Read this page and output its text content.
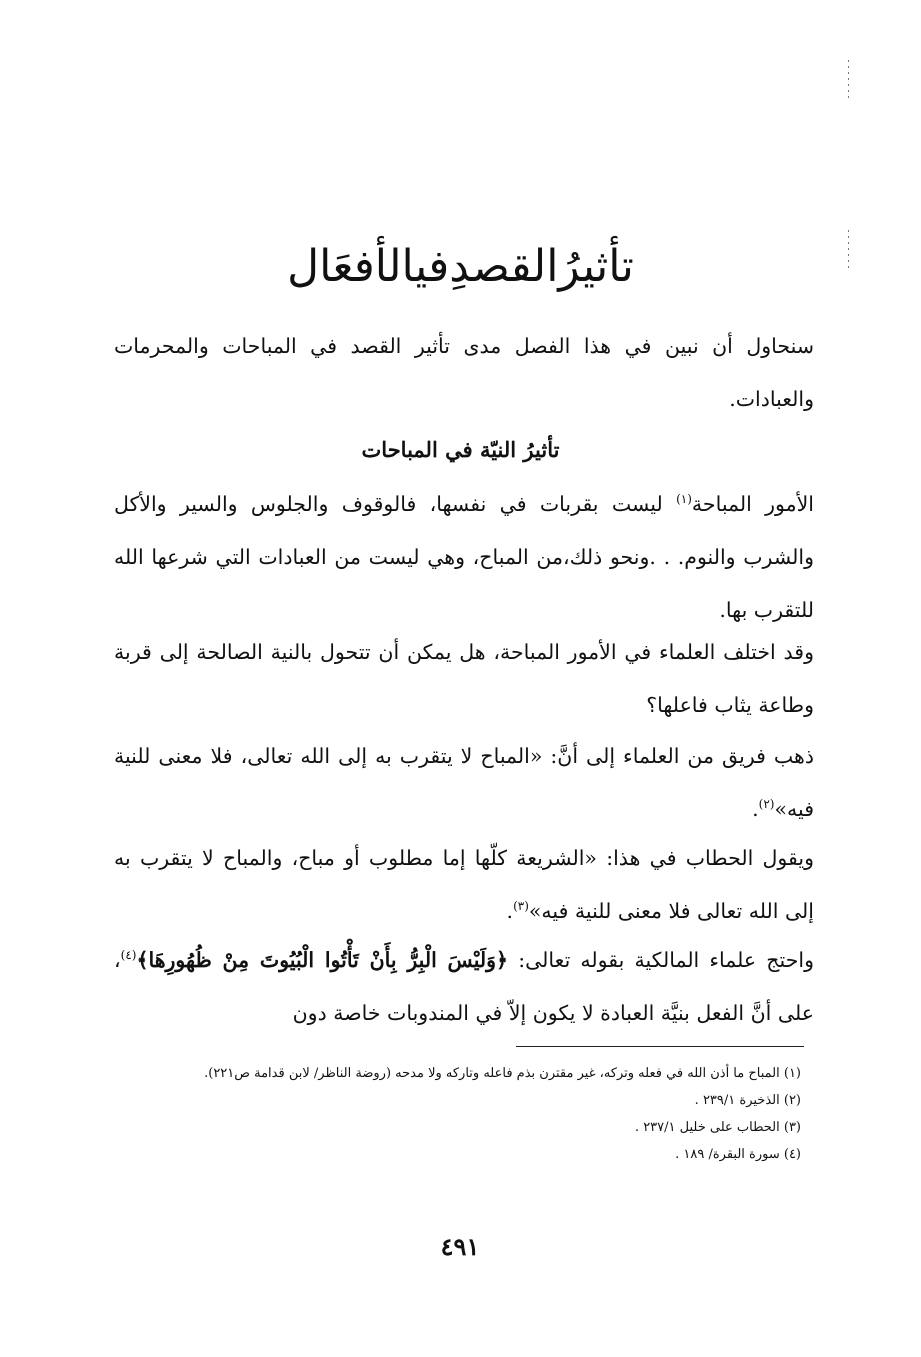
تأثيرُالقصدِفيالأفعَال

سنحاول أن نبين في هذا الفصل مدى تأثير القصد في المباحات والمحرمات والعبادات.

تأثيرُ النيّة في المباحات

الأمور المباحة$^{(١)}$ ليست بقربات في نفسها، فالوقوف والجلوس والسير والأكل والشرب والنوم. . .ونحو ذلك،من المباح، وهي ليست من العبادات التي شرعها الله للتقرب بها.

وقد اختلف العلماء في الأمور المباحة، هل يمكن أن تتحول بالنية الصالحة إلى قربة وطاعة يثاب فاعلها؟

ذهب فريق من العلماء إلى أنَّ: «المباح لا يتقرب به إلى الله تعالى، فلا معنى للنية فيه»$^{(٢)}$.

ويقول الحطاب في هذا: «الشريعة كلّها إما مطلوب أو مباح، والمباح لا يتقرب به إلى الله تعالى فلا معنى للنية فيه»$^{(٣)}$.

واحتج علماء المالكية بقوله تعالى: ﴿وَلَيْسَ الْبِرُّ بِأَنْ تَأْتُوا الْبُيُوتَ مِنْ ظُهُورِهَا﴾$^{(٤)}$، على أنَّ الفعل بنيَّة العبادة لا يكون إلاّ في المندوبات خاصة دون

(١) المباح ما أذن الله في فعله وتركه، غير مقترن بذم فاعله وتاركه ولا مدحه (روضة الناظر/ لابن قدامة ص٢٢١).
(٢) الذخيرة ٢٣٩/١ .
(٣) الحطاب على خليل ٢٣٧/١ .
(٤) سورة البقرة/ ١٨٩ .
٤٩١
